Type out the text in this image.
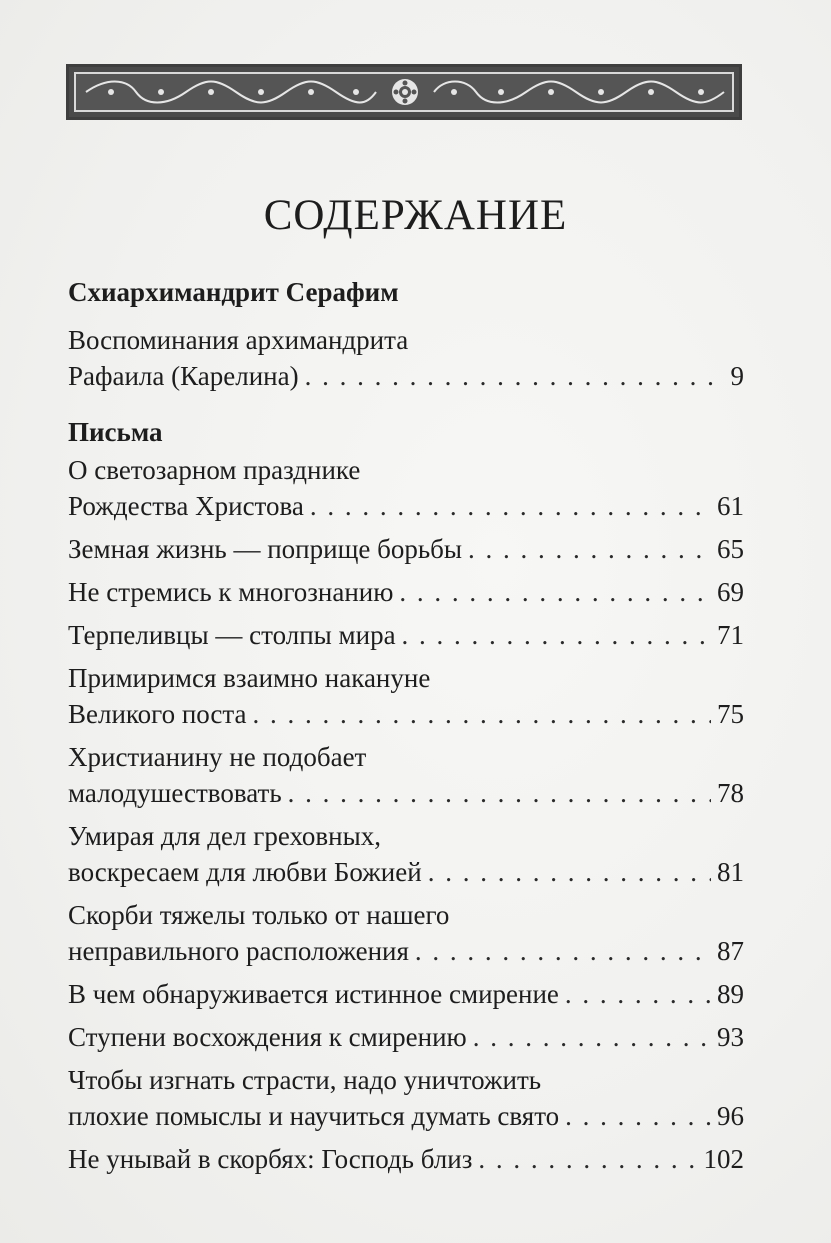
СОДЕРЖАНИЕ
Схиархимандрит Серафим
Воспоминания архимандрита
Рафаила (Карелина) . . .	9
Письма
О светозарном празднике
Рождества Христова . . .	61
Земная жизнь — поприще борьбы . . .	65
Не стремись к многознанию . . .	69
Терпеливцы — столпы мира . . .	71
Примиримся взаимно накануне
Великого поста . . .	75
Христианину не подобает
малодушествовать . . .	78
Умирая для дел греховных,
воскресаем для любви Божией . . .	81
Скорби тяжелы только от нашего
неправильного расположения . . .	87
В чем обнаруживается истинное смирение . . .	89
Ступени восхождения к смирению . . .	93
Чтобы изгнать страсти, надо уничтожить
плохие помыслы и научиться думать свято . . .	96
Не унывай в скорбях: Господь близ . . .	102
